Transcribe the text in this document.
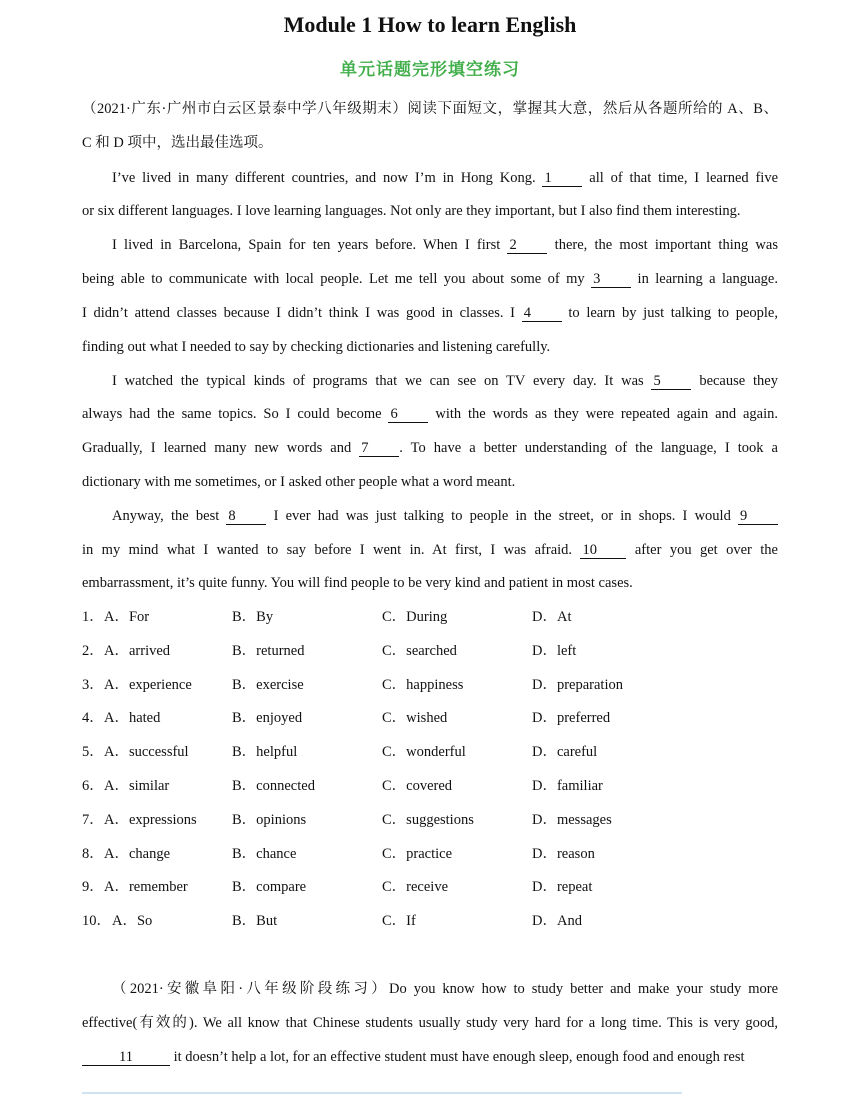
Module 1 How to learn English
单元话题完形填空练习
（2021·广东·广州市白云区景泰中学八年级期末）阅读下面短文，掌握其大意，然后从各题所给的 A、B、
C 和 D 项中，选出最佳选项。
I’ve lived in many different countries, and now I’m in Hong Kong. 1 all of that time, I learned five
or six different languages. I love learning languages. Not only are they important, but I also find them interesting.
I lived in Barcelona, Spain for ten years before. When I first 2 there, the most important thing was
being able to communicate with local people. Let me tell you about some of my 3 in learning a language.
I didn’t attend classes because I didn’t think I was good in classes. I 4 to learn by just talking to people,
finding out what I needed to say by checking dictionaries and listening carefully.
I watched the typical kinds of programs that we can see on TV every day. It was 5 because they
always had the same topics. So I could become 6 with the words as they were repeated again and again.
Gradually, I learned many new words and 7 . To have a better understanding of the language, I took a
dictionary with me sometimes, or I asked other people what a word meant.
Anyway, the best 8 I ever had was just talking to people in the street, or in shops. I would 9
in my mind what I wanted to say before I went in. At first, I was afraid. 10 after you get over the
embarrassment, it’s quite funny. You will find people to be very kind and patient in most cases.
1． A．For	B．By	C．During	D．At
2． A．arrived	B．returned	C．searched	D．left
3． A．experience	B．exercise	C．happiness	D．preparation
4． A．hated	B．enjoyed	C．wished	D．preferred
5． A．successful	B．helpful	C．wonderful	D．careful
6． A．similar	B．connected	C．covered	D．familiar
7． A．expressions B．opinions	C．suggestions	D．messages
8． A．change	B．chance	C．practice	D．reason
9． A．remember	B．compare	C．receive	D．repeat
10． A．So	B．But	C．If	D．And
（2021·安徽阜阳·八年级阶段练习）Do you know how to study better and make your study more
effective(有效的). We all know that Chinese students usually study very hard for a long time. This is very good,
11	it doesn’t help a lot, for an effective student must have enough sleep, enough food and enough rest
